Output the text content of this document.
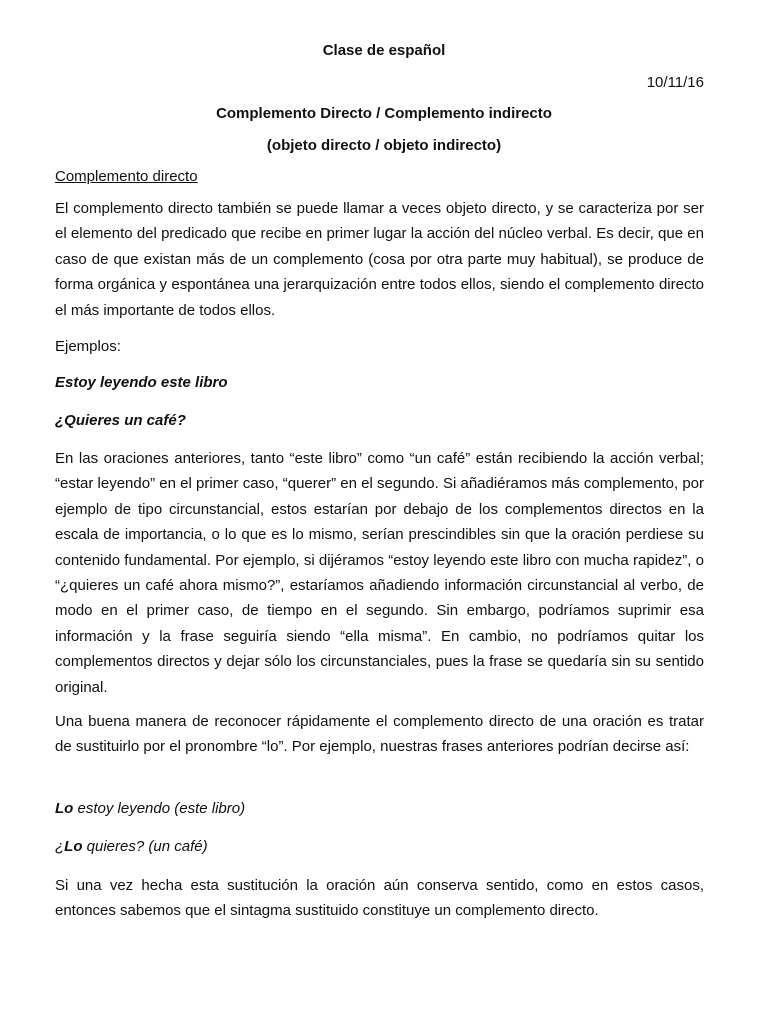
Clase de español
10/11/16
Complemento Directo / Complemento indirecto
(objeto directo / objeto indirecto)
Complemento directo

El complemento directo también se puede llamar a veces objeto directo, y se caracteriza por ser el elemento del predicado que recibe en primer lugar la acción del núcleo verbal. Es decir, que en caso de que existan más de un complemento (cosa por otra parte muy habitual), se produce de forma orgánica y espontánea una jerarquización entre todos ellos, siendo el complemento directo el más importante de todos ellos.

Ejemplos:
Estoy leyendo este libro
¿Quieres un café?

En las oraciones anteriores, tanto “este libro” como “un café” están recibiendo la acción verbal; “estar leyendo” en el primer caso, “querer” en el segundo. Si añadiéramos más complemento, por ejemplo de tipo circunstancial, estos estarían por debajo de los complementos directos en la escala de importancia, o lo que es lo mismo, serían prescindibles sin que la oración perdiese su contenido fundamental. Por ejemplo, si dijéramos “estoy leyendo este libro con mucha rapidez”, o “¿quieres un café ahora mismo?”, estaríamos añadiendo información circunstancial al verbo, de modo en el primer caso, de tiempo en el segundo. Sin embargo, podríamos suprimir esa información y la frase seguiría siendo “ella misma”. En cambio, no podríamos quitar los complementos directos y dejar sólo los circunstanciales, pues la frase se quedaría sin su sentido original.

Una buena manera de reconocer rápidamente el complemento directo de una oración es tratar de sustituirlo por el pronombre “lo”. Por ejemplo, nuestras frases anteriores podrían decirse así:

Lo estoy leyendo (este libro)
¿Lo quieres? (un café)

Si una vez hecha esta sustitución la oración aún conserva sentido, como en estos casos, entonces sabemos que el sintagma sustituido constituye un complemento directo.
